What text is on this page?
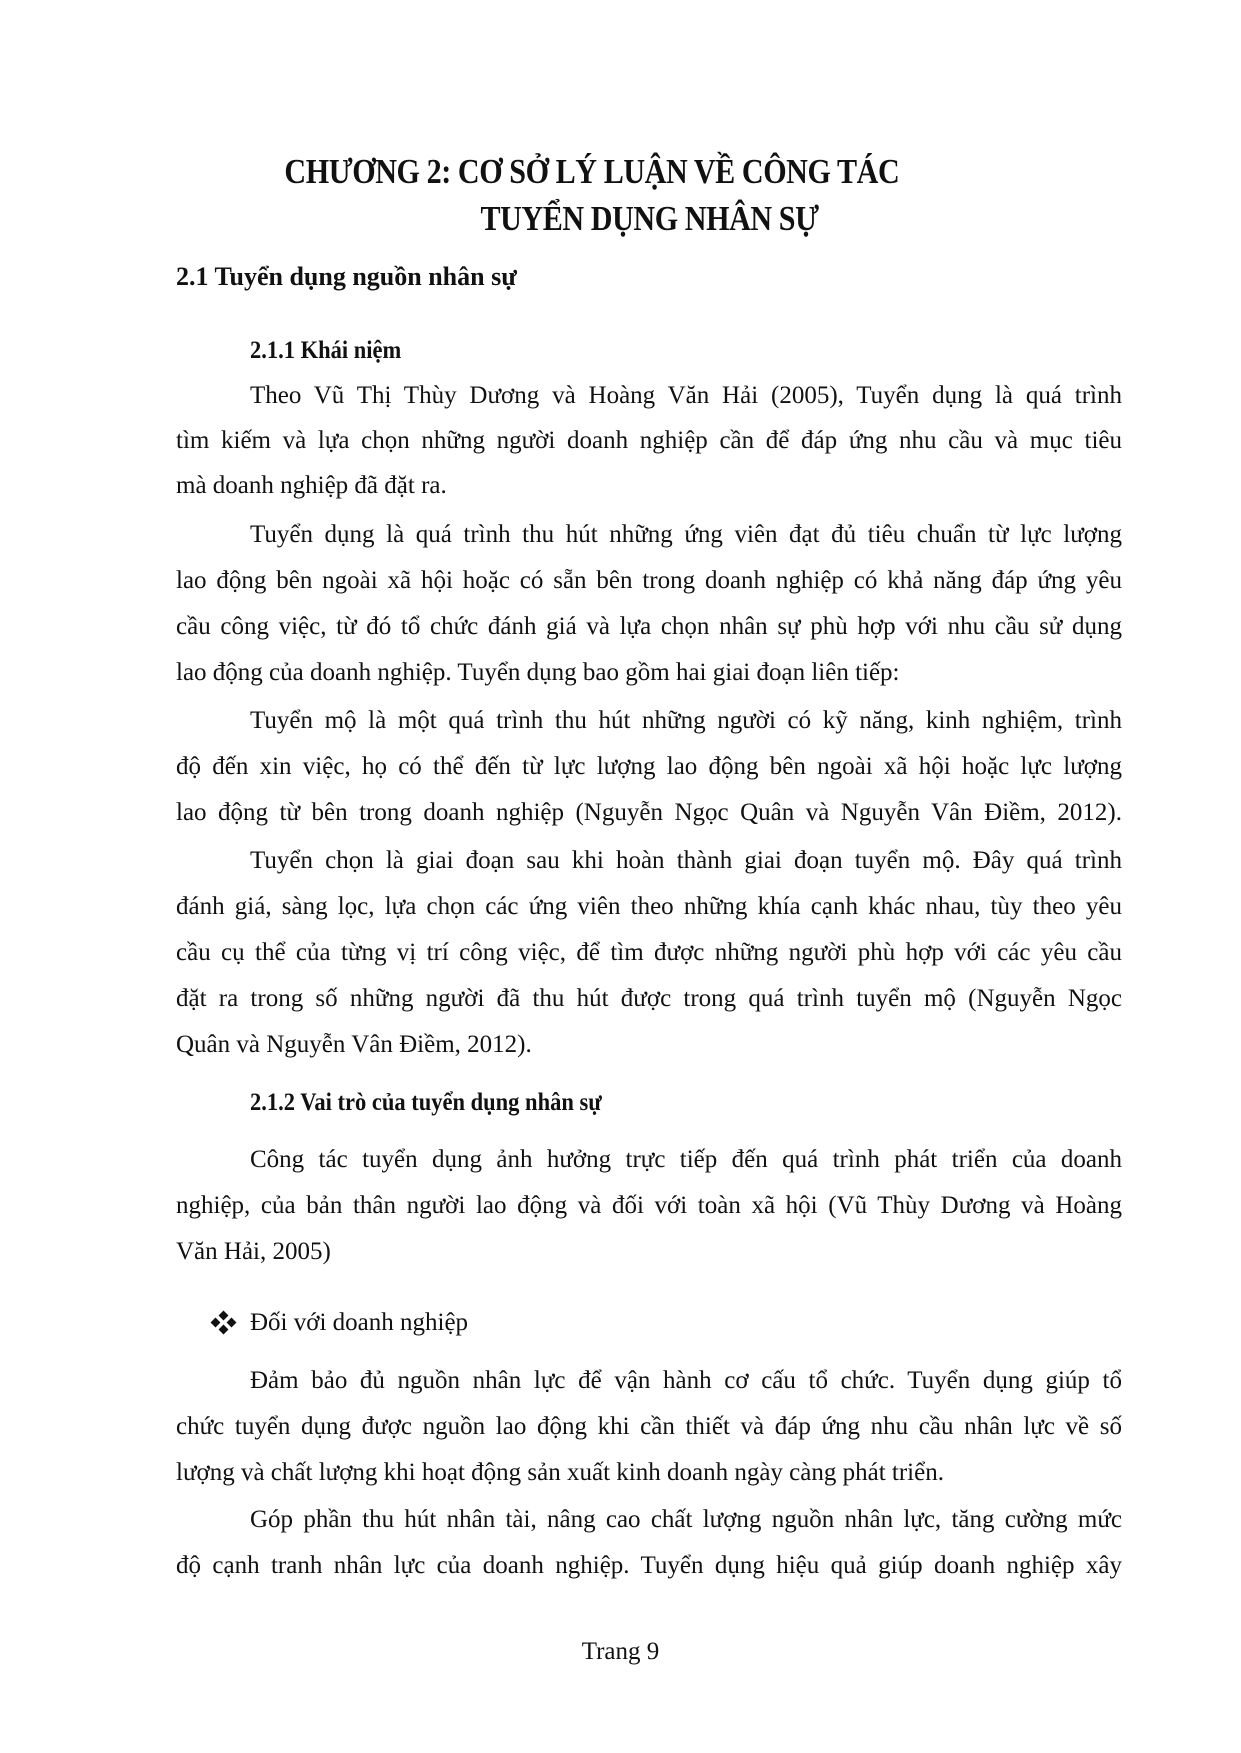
CHƯƠNG 2: CƠ SỞ LÝ LUẬN VỀ CÔNG TÁC
TUYỂN DỤNG NHÂN SỰ
2.1 Tuyển dụng nguồn nhân sự
2.1.1 Khái niệm
Theo Vũ Thị Thùy Dương và Hoàng Văn Hải (2005), Tuyển dụng là quá trình
tìm kiếm và lựa chọn những người doanh nghiệp cần để đáp ứng nhu cầu và mục tiêu
mà doanh nghiệp đã đặt ra.
Tuyển dụng là quá trình thu hút những ứng viên đạt đủ tiêu chuẩn từ lực lượng
lao động bên ngoài xã hội hoặc có sẵn bên trong doanh nghiệp có khả năng đáp ứng yêu
cầu công việc, từ đó tổ chức đánh giá và lựa chọn nhân sự phù hợp với nhu cầu sử dụng
lao động của doanh nghiệp. Tuyển dụng bao gồm hai giai đoạn liên tiếp:
Tuyển mộ là một quá trình thu hút những người có kỹ năng, kinh nghiệm, trình
độ đến xin việc, họ có thể đến từ lực lượng lao động bên ngoài xã hội hoặc lực lượng
lao động từ bên trong doanh nghiệp (Nguyễn Ngọc Quân và Nguyễn Vân Điềm, 2012).
Tuyển chọn là giai đoạn sau khi hoàn thành giai đoạn tuyển mộ. Đây quá trình
đánh giá, sàng lọc, lựa chọn các ứng viên theo những khía cạnh khác nhau, tùy theo yêu
cầu cụ thể của từng vị trí công việc, để tìm được những người phù hợp với các yêu cầu
đặt ra trong số những người đã thu hút được trong quá trình tuyển mộ (Nguyễn Ngọc
Quân và Nguyễn Vân Điềm, 2012).
2.1.2 Vai trò của tuyển dụng nhân sự
Công tác tuyển dụng ảnh hưởng trực tiếp đến quá trình phát triển của doanh
nghiệp, của bản thân người lao động và đối với toàn xã hội (Vũ Thùy Dương và Hoàng
Văn Hải, 2005)
Đối với doanh nghiệp
Đảm bảo đủ nguồn nhân lực để vận hành cơ cấu tổ chức. Tuyển dụng giúp tổ
chức tuyển dụng được nguồn lao động khi cần thiết và đáp ứng nhu cầu nhân lực về số
lượng và chất lượng khi hoạt động sản xuất kinh doanh ngày càng phát triển.
Góp phần thu hút nhân tài, nâng cao chất lượng nguồn nhân lực, tăng cường mức
độ cạnh tranh nhân lực của doanh nghiệp. Tuyển dụng hiệu quả giúp doanh nghiệp xây
Trang 9
